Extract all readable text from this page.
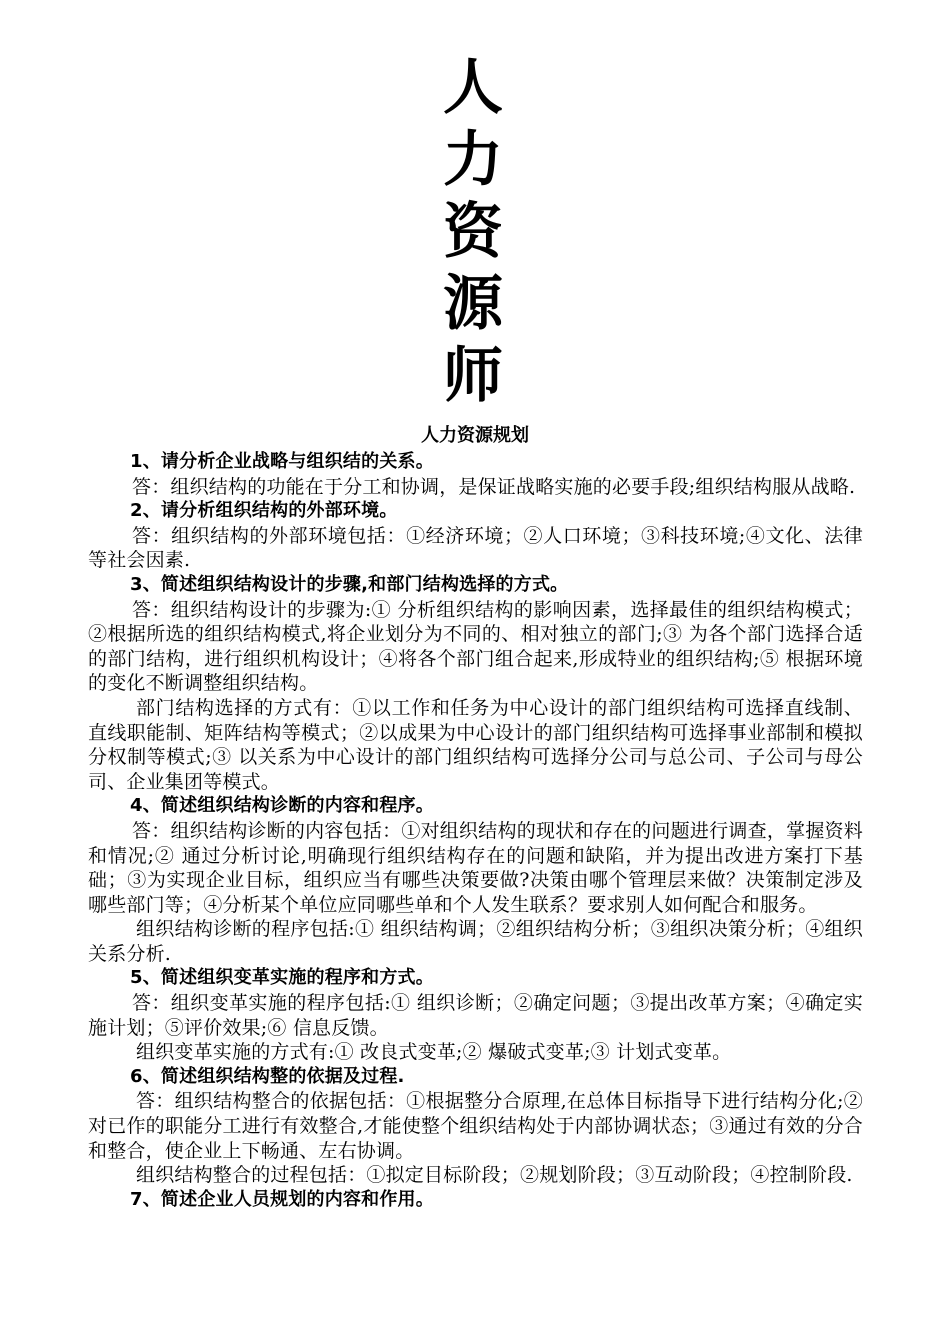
人
力
资
源
师
人力资源规划

1、请分析企业战略与组织结的关系。

答：组织结构的功能在于分工和协调，是保证战略实施的必要手段;组织结构服从战略.

2、请分析组织结构的外部环境。

答：组织结构的外部环境包括：①经济环境；②人口环境；③科技环境;④文化、法律等社会因素.

3、简述组织结构设计的步骤,和部门结构选择的方式。

答：组织结构设计的步骤为:① 分析组织结构的影响因素，选择最佳的组织结构模式；②根据所选的组织结构模式,将企业划分为不同的、相对独立的部门;③ 为各个部门选择合适的部门结构，进行组织机构设计；④将各个部门组合起来,形成特业的组织结构;⑤ 根据环境的变化不断调整组织结构。

部门结构选择的方式有：①以工作和任务为中心设计的部门组织结构可选择直线制、直线职能制、矩阵结构等模式；②以成果为中心设计的部门组织结构可选择事业部制和模拟分权制等模式;③ 以关系为中心设计的部门组织结构可选择分公司与总公司、子公司与母公司、企业集团等模式。

4、简述组织结构诊断的内容和程序。

答：组织结构诊断的内容包括：①对组织结构的现状和存在的问题进行调查，掌握资料和情况;② 通过分析讨论,明确现行组织结构存在的问题和缺陷，并为提出改进方案打下基础；③为实现企业目标，组织应当有哪些决策要做?决策由哪个管理层来做？决策制定涉及哪些部门等；④分析某个单位应同哪些单和个人发生联系？要求别人如何配合和服务。

组织结构诊断的程序包括:① 组织结构调；②组织结构分析；③组织决策分析；④组织关系分析.

5、简述组织变革实施的程序和方式。

答：组织变革实施的程序包括:① 组织诊断；②确定问题；③提出改革方案；④确定实施计划；⑤评价效果;⑥ 信息反馈。

组织变革实施的方式有:① 改良式变革;② 爆破式变革;③ 计划式变革。

6、简述组织结构整的依据及过程.

答：组织结构整合的依据包括：①根据整分合原理,在总体目标指导下进行结构分化;② 对已作的职能分工进行有效整合,才能使整个组织结构处于内部协调状态；③通过有效的分合和整合，使企业上下畅通、左右协调。

组织结构整合的过程包括：①拟定目标阶段；②规划阶段；③互动阶段；④控制阶段.

7、简述企业人员规划的内容和作用。
